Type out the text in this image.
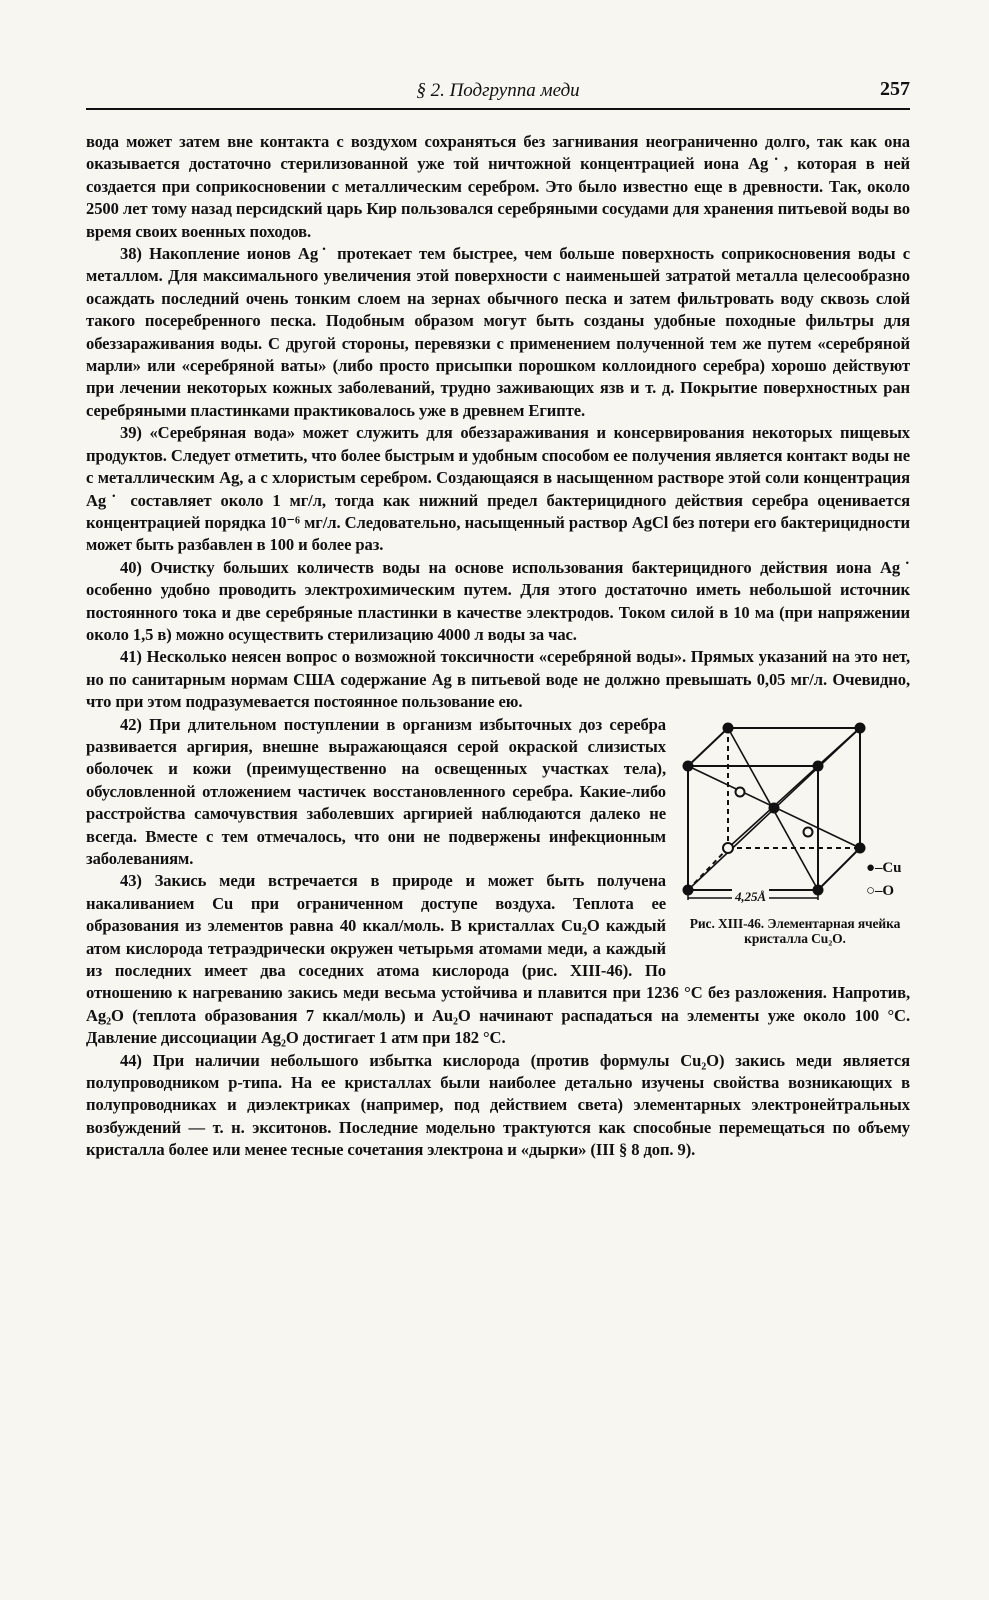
§ 2. Подгруппа меди	257

вода может затем вне контакта с воздухом сохраняться без загнивания неограниченно долго, так как она оказывается достаточно стерилизованной уже той ничтожной концентрацией иона Ag˙, которая в ней создается при соприкосновении с металлическим серебром. Это было известно еще в древности. Так, около 2500 лет тому назад персидский царь Кир пользовался серебряными сосудами для хранения питьевой воды во время своих военных походов.

38) Накопление ионов Ag˙ протекает тем быстрее, чем больше поверхность соприкосновения воды с металлом. Для максимального увеличения этой поверхности с наименьшей затратой металла целесообразно осаждать последний очень тонким слоем на зернах обычного песка и затем фильтровать воду сквозь слой такого посеребренного песка. Подобным образом могут быть созданы удобные походные фильтры для обеззараживания воды. С другой стороны, перевязки с применением полученной тем же путем «серебряной марли» или «серебряной ваты» (либо просто присыпки порошком коллоидного серебра) хорошо действуют при лечении некоторых кожных заболеваний, трудно заживающих язв и т. д. Покрытие поверхностных ран серебряными пластинками практиковалось уже в древнем Египте.

39) «Серебряная вода» может служить для обеззараживания и консервирования некоторых пищевых продуктов. Следует отметить, что более быстрым и удобным способом ее получения является контакт воды не с металлическим Ag, а с хлористым серебром. Создающаяся в насыщенном растворе этой соли концентрация Ag˙ составляет около 1 мг/л, тогда как нижний предел бактерицидного действия серебра оценивается концентрацией порядка 10⁻⁶ мг/л. Следовательно, насыщенный раствор AgCl без потери его бактерицидности может быть разбавлен в 100 и более раз.

40) Очистку больших количеств воды на основе использования бактерицидного действия иона Ag˙ особенно удобно проводить электрохимическим путем. Для этого достаточно иметь небольшой источник постоянного тока и две серебряные пластинки в качестве электродов. Током силой в 10 ма (при напряжении около 1,5 в) можно осуществить стерилизацию 4000 л воды за час.

41) Несколько неясен вопрос о возможной токсичности «серебряной воды». Прямых указаний на это нет, но по санитарным нормам США содержание Ag в питьевой воде не должно превышать 0,05 мг/л. Очевидно, что при этом подразумевается постоянное пользование ею.

4,25Å
●–Cu
○–O
Рис. XIII-46. Элементарная ячейка кристалла Cu₂O.

42) При длительном поступлении в организм избыточных доз серебра развивается аргирия, внешне выражающаяся серой окраской слизистых оболочек и кожи (преимущественно на освещенных участках тела), обусловленной отложением частичек восстановленного серебра. Какие-либо расстройства самочувствия заболевших аргирией наблюдаются далеко не всегда. Вместе с тем отмечалось, что они не подвержены инфекционным заболеваниям.

43) Закись меди встречается в природе и может быть получена накаливанием Cu при ограниченном доступе воздуха. Теплота ее образования из элементов равна 40 ккал/моль. В кристаллах Cu₂O каждый атом кислорода тетраэдрически окружен четырьмя атомами меди, а каждый из последних имеет два соседних атома кислорода (рис. XIII-46). По отношению к нагреванию закись меди весьма устойчива и плавится при 1236 °C без разложения. Напротив, Ag₂O (теплота образования 7 ккал/моль) и Au₂O начинают распадаться на элементы уже около 100 °C. Давление диссоциации Ag₂O достигает 1 атм при 182 °C.

44) При наличии небольшого избытка кислорода (против формулы Cu₂O) закись меди является полупроводником p-типа. На ее кристаллах были наиболее детально изучены свойства возникающих в полупроводниках и диэлектриках (например, под действием света) элементарных электронейтральных возбуждений — т. н. экситонов. Последние модельно трактуются как способные перемещаться по объему кристалла более или менее тесные сочетания электрона и «дырки» (III § 8 доп. 9).
